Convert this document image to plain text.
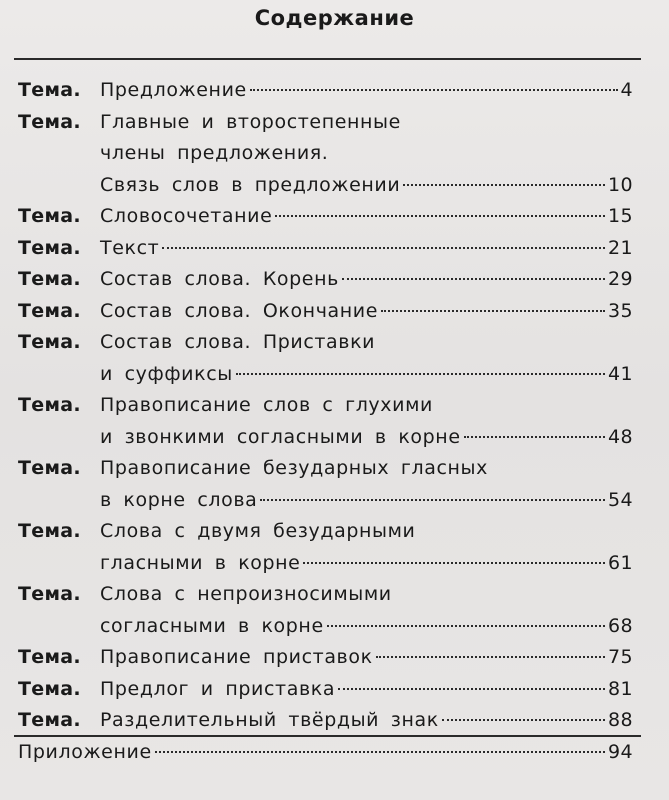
Содержание
Тема. Предложение	4
Тема. Главные и второстепенные
члены предложения.
Связь слов в предложении	10
Тема. Словосочетание	15
Тема. Текст	21
Тема. Состав слова. Корень	29
Тема. Состав слова. Окончание	35
Тема. Состав слова. Приставки
и суффиксы	41
Тема. Правописание слов с глухими
и звонкими согласными в корне	48
Тема. Правописание безударных гласных
в корне слова	54
Тема. Слова с двумя безударными
гласными в корне	61
Тема. Слова с непроизносимыми
согласными в корне	68
Тема. Правописание приставок	75
Тема. Предлог и приставка	81
Тема. Разделительный твёрдый знак	88
Приложение	94
